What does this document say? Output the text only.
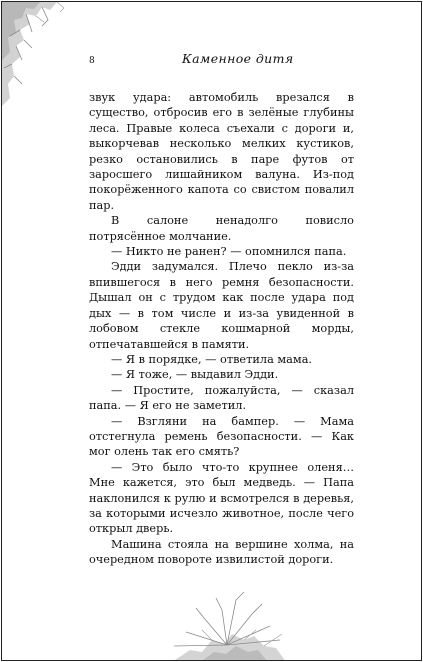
8	Каменное дитя

звук удара: автомобиль врезался в существо, отбросив его в зелёные глубины леса. Правые колеса съехали с дороги и, выкорчевав несколько мелких кустиков, резко остановились в паре футов от заросшего лишайником валуна. Из-под покорёженного капота со свистом повалил пар.

В салоне ненадолго повисло потрясённое молчание.

— Никто не ранен? — опомнился папа.

Эдди задумался. Плечо пекло из-за впившегося в него ремня безопасности. Дышал он с трудом как после удара под дых — в том числе и из-за увиденной в лобовом стекле кошмарной морды, отпечатавшейся в памяти.

— Я в порядке, — ответила мама.

— Я тоже, — выдавил Эдди.

— Простите, пожалуйста, — сказал папа. — Я его не заметил.

— Взгляни на бампер. — Мама отстегнула ремень безопасности. — Как мог олень так его смять?

— Это было что-то крупнее оленя… Мне кажется, это был медведь. — Папа наклонился к рулю и всмотрелся в деревья, за которыми исчезло животное, после чего открыл дверь.

Машина стояла на вершине холма, на очередном повороте извилистой дороги.
